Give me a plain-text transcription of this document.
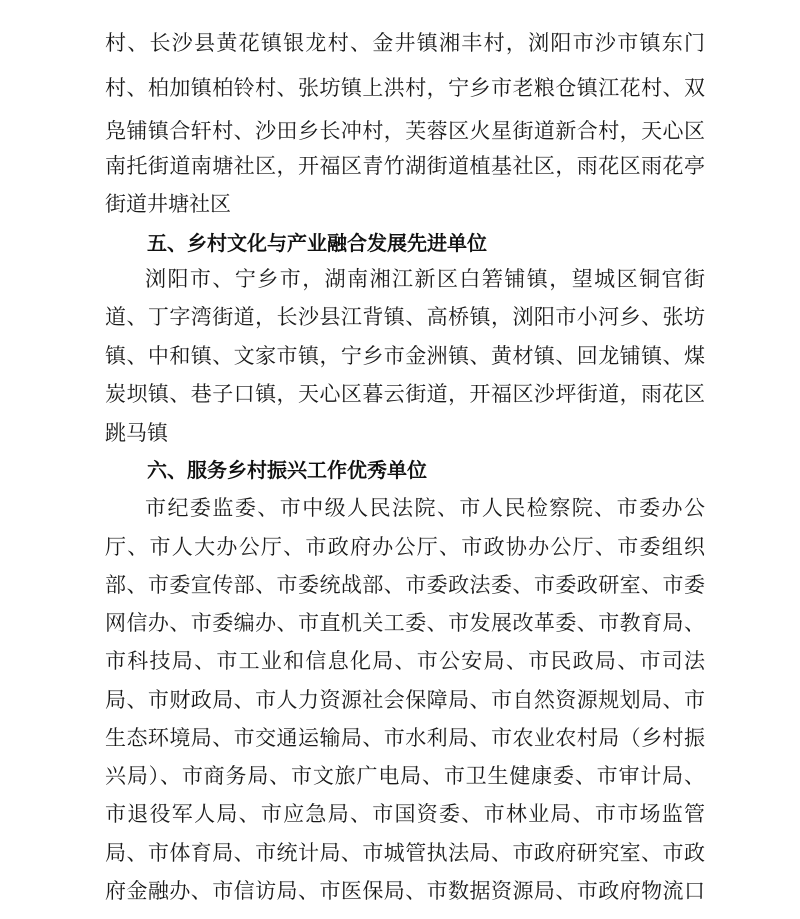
村、长沙县黄花镇银龙村、金井镇湘丰村，浏阳市沙市镇东门
村、柏加镇柏铃村、张坊镇上洪村，宁乡市老粮仓镇江花村、双
凫铺镇合轩村、沙田乡长冲村，芙蓉区火星街道新合村，天心区
南托街道南塘社区，开福区青竹湖街道植基社区，雨花区雨花亭
街道井塘社区
五、乡村文化与产业融合发展先进单位
浏阳市、宁乡市，湖南湘江新区白箬铺镇，望城区铜官街
道、丁字湾街道，长沙县江背镇、高桥镇，浏阳市小河乡、张坊
镇、中和镇、文家市镇，宁乡市金洲镇、黄材镇、回龙铺镇、煤
炭坝镇、巷子口镇，天心区暮云街道，开福区沙坪街道，雨花区
跳马镇
六、服务乡村振兴工作优秀单位
市纪委监委、市中级人民法院、市人民检察院、市委办公
厅、市人大办公厅、市政府办公厅、市政协办公厅、市委组织
部、市委宣传部、市委统战部、市委政法委、市委政研室、市委
网信办、市委编办、市直机关工委、市发展改革委、市教育局、
市科技局、市工业和信息化局、市公安局、市民政局、市司法
局、市财政局、市人力资源社会保障局、市自然资源规划局、市
生态环境局、市交通运输局、市水利局、市农业农村局（乡村振
兴局）、市商务局、市文旅广电局、市卫生健康委、市审计局、
市退役军人局、市应急局、市国资委、市林业局、市市场监管
局、市体育局、市统计局、市城管执法局、市政府研究室、市政
府金融办、市信访局、市医保局、市数据资源局、市政府物流口
